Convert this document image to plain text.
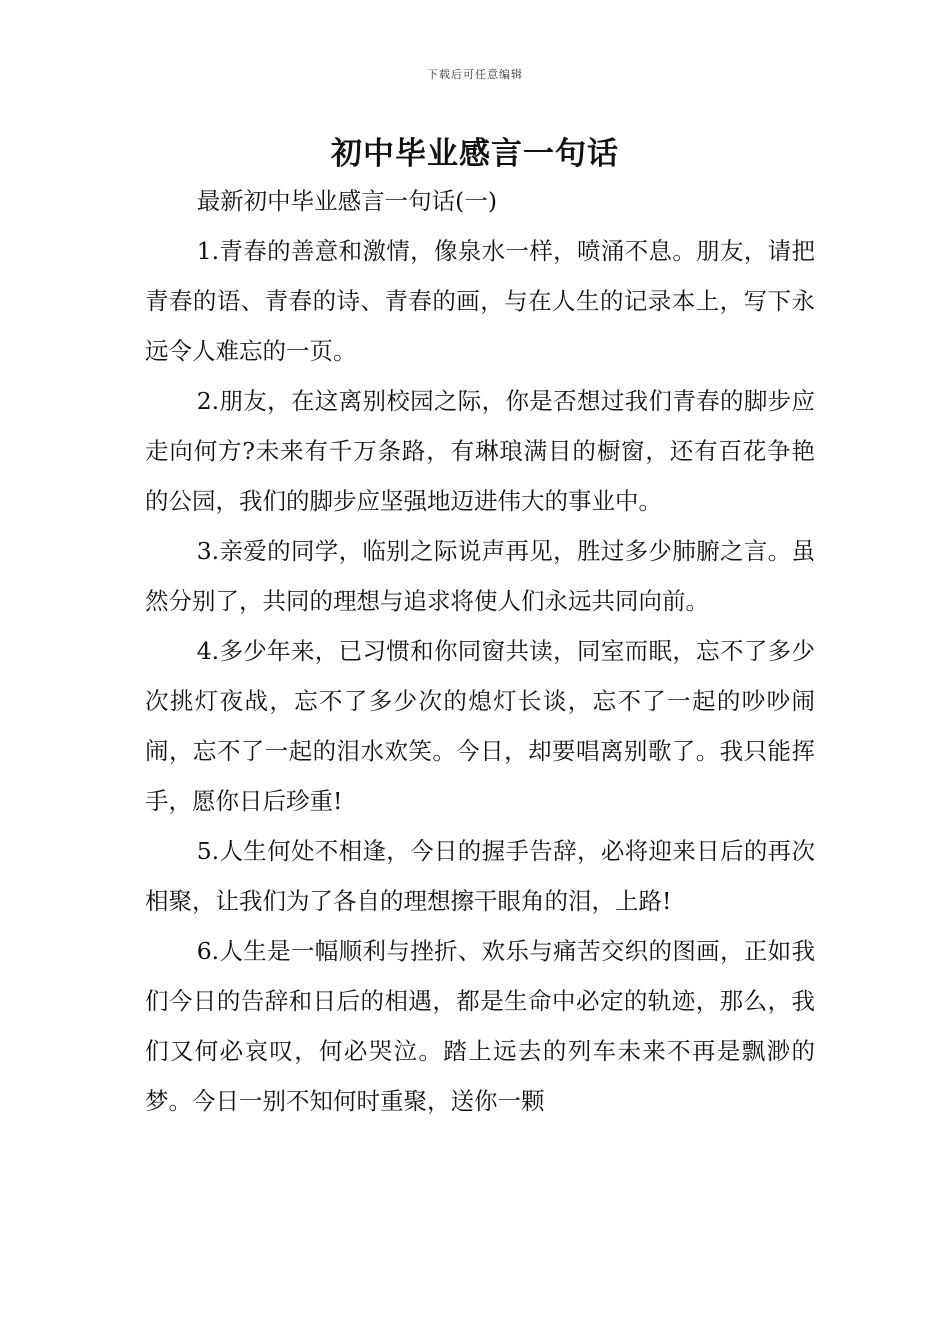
下载后可任意编辑
初中毕业感言一句话

最新初中毕业感言一句话(一)

1.青春的善意和激情，像泉水一样，喷涌不息。朋友，请把青春的语、青春的诗、青春的画，与在人生的记录本上，写下永远令人难忘的一页。

2.朋友，在这离别校园之际，你是否想过我们青春的脚步应走向何方?未来有千万条路，有琳琅满目的橱窗，还有百花争艳的公园，我们的脚步应坚强地迈进伟大的事业中。

3.亲爱的同学，临别之际说声再见，胜过多少肺腑之言。虽然分别了，共同的理想与追求将使人们永远共同向前。

4.多少年来，已习惯和你同窗共读，同室而眠，忘不了多少次挑灯夜战，忘不了多少次的熄灯长谈，忘不了一起的吵吵闹闹，忘不了一起的泪水欢笑。今日，却要唱离别歌了。我只能挥手，愿你日后珍重!

5.人生何处不相逢，今日的握手告辞，必将迎来日后的再次相聚，让我们为了各自的理想擦干眼角的泪，上路!

6.人生是一幅顺利与挫折、欢乐与痛苦交织的图画，正如我们今日的告辞和日后的相遇，都是生命中必定的轨迹，那么，我们又何必哀叹，何必哭泣。踏上远去的列车未来不再是飘渺的梦。今日一别不知何时重聚，送你一颗
